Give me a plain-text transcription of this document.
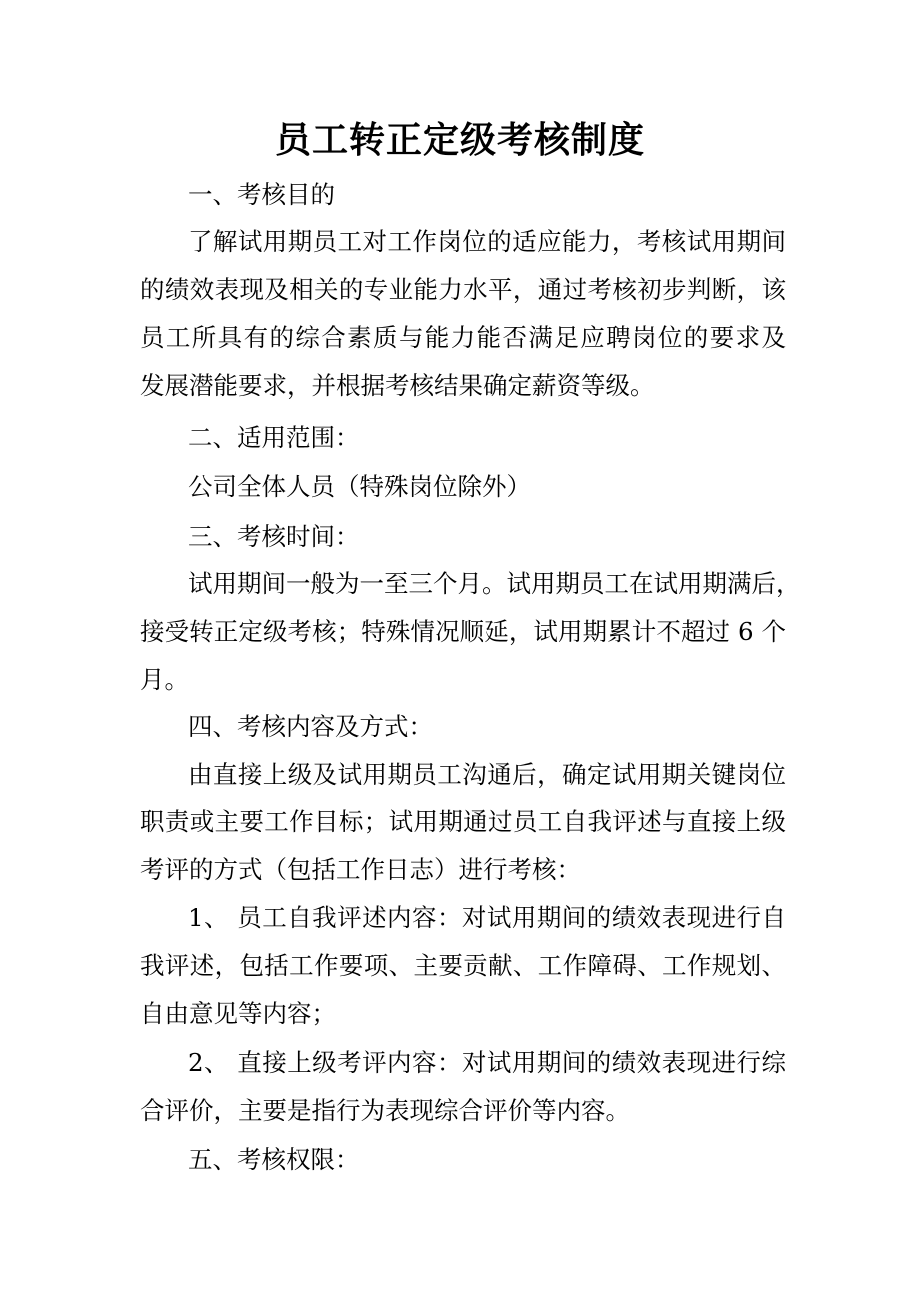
员工转正定级考核制度
一、考核目的
了解试用期员工对工作岗位的适应能力，考核试用期间
的绩效表现及相关的专业能力水平，通过考核初步判断，该
员工所具有的综合素质与能力能否满足应聘岗位的要求及
发展潜能要求，并根据考核结果确定薪资等级。
二、适用范围：
公司全体人员（特殊岗位除外）
三、考核时间：
试用期间一般为一至三个月。试用期员工在试用期满后，
接受转正定级考核；特殊情况顺延，试用期累计不超过 6 个
月。
四、考核内容及方式：
由直接上级及试用期员工沟通后，确定试用期关键岗位
职责或主要工作目标；试用期通过员工自我评述与直接上级
考评的方式（包括工作日志）进行考核：
1、 员工自我评述内容：对试用期间的绩效表现进行自
我评述，包括工作要项、主要贡献、工作障碍、工作规划、
自由意见等内容；
2、 直接上级考评内容：对试用期间的绩效表现进行综
合评价，主要是指行为表现综合评价等内容。
五、考核权限：
